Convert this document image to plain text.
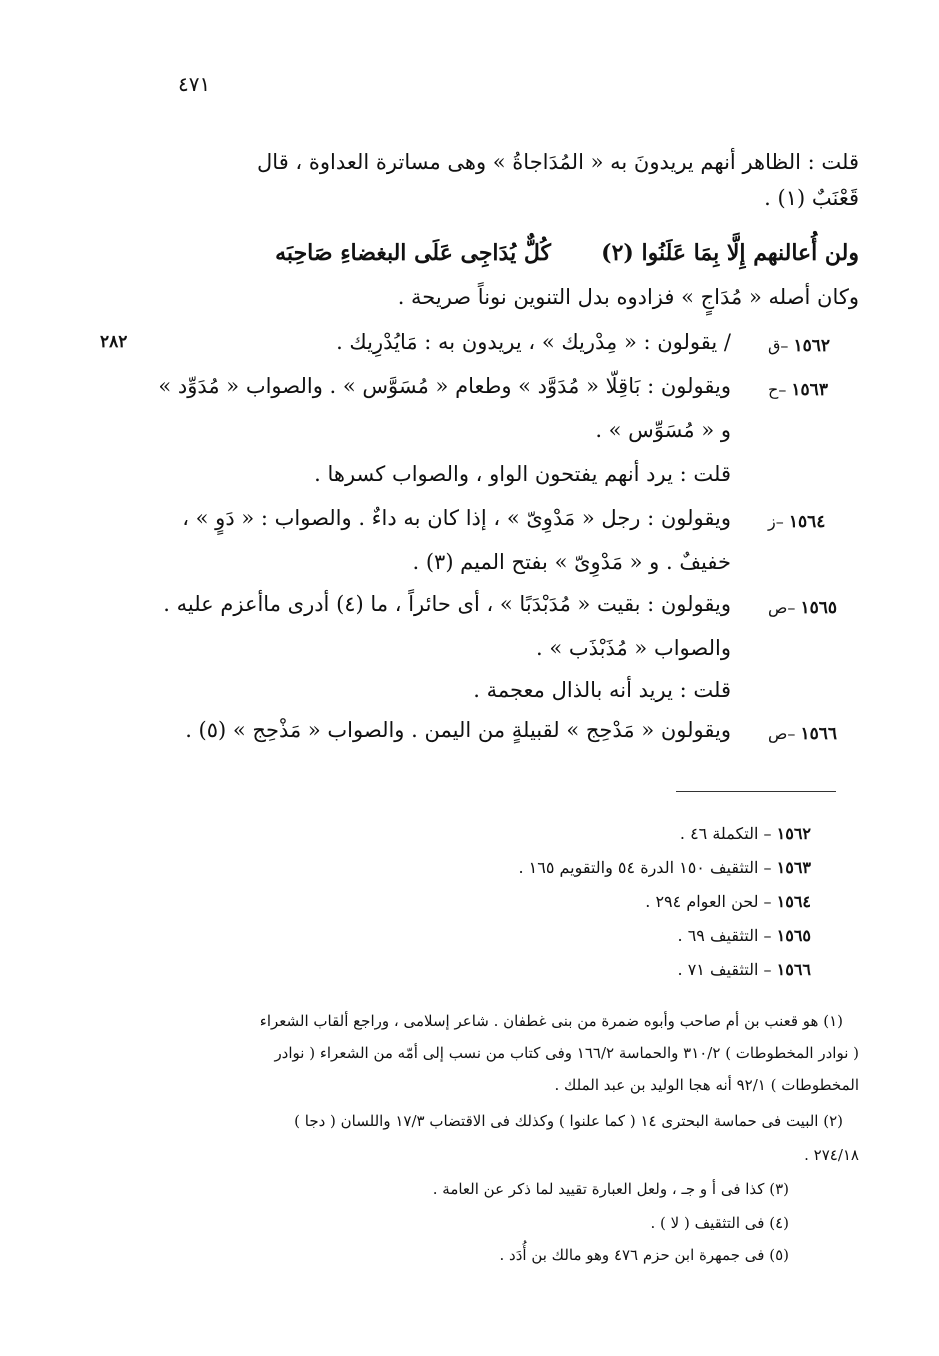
٤٧١
٢٨٢
قلت : الظاهر أنهم يريدونَ به « المُدَاجاةُ » وهى مساترة العداوة ، قال
قَعْنَبٌ (١) .
كُلٌّ يُدَاجِى عَلَى البغضاءِ صَاحِبَه ولن أُعالنهم إِلَّا بِمَا عَلَنُوا (٢)
وكان أصله « مُدَاجٍ » فزادوه بدل التنوين نوناً صريحة .
١٥٦٢ –ق
/ يقولون : « مِدْريك » ، يريدون به : مَايُدْرِيك .
١٥٦٣ –ح
ويقولون : بَاقِلّا « مُدَوَّد » وطعام « مُسَوَّس » . والصواب « مُدَوِّد »
و « مُسَوِّس » .
قلت : يرد أنهم يفتحون الواو ، والصواب كسرها .
١٥٦٤ –ز
ويقولون : رجل « مَدْوِىّ » ، إذا كان به داءٌ . والصواب : « دَوٍ » ،
خفيفٌ . و « مَدْوِىّ » بفتح الميم (٣) .
١٥٦٥ –ص
ويقولون : بقيت « مُدَبْدَبًا » ، أى حائراً ، ما (٤) أدرى ماأعزم عليه .
والصواب « مُذَبْذَب » .
قلت : يريد أنه بالذال معجمة .
١٥٦٦ –ص
ويقولون « مَدْحِج » لقبيلةٍ من اليمن . والصواب « مَذْحِج » (٥) .
١٥٦٢ – التكملة ٤٦ .
١٥٦٣ – التثقيف ١٥٠ الدرة ٥٤ والتقويم ١٦٥ .
١٥٦٤ – لحن العوام ٢٩٤ .
١٥٦٥ – التثقيف ٦٩ .
١٥٦٦ – التثقيف ٧١ .
(١) هو قعنب بن أم صاحب وأبوه ضمرة من بنى غطفان . شاعر إسلامى ، وراجع ألقاب الشعراء
( نوادر المخطوطات ) ٣١٠/٢ والحماسة ١٦٦/٢ وفى كتاب من نسب إلى أمّه من الشعراء ( نوادر
المخطوطات ) ٩٢/١ أنه هجا الوليد بن عبد الملك .
(٢) البيت فى حماسة البحترى ١٤ ( كما علنوا ) وكذلك فى الاقتضاب ١٧/٣ واللسان ( دجا )
٢٧٤/١٨ .
(٣) كذا فى أ و جـ ، ولعل العبارة تقييد لما ذكر عن العامة .
(٤) فى التثقيف ( لا ) .
(٥) فى جمهرة ابن حزم ٤٧٦ وهو مالك بن أُدَد .
